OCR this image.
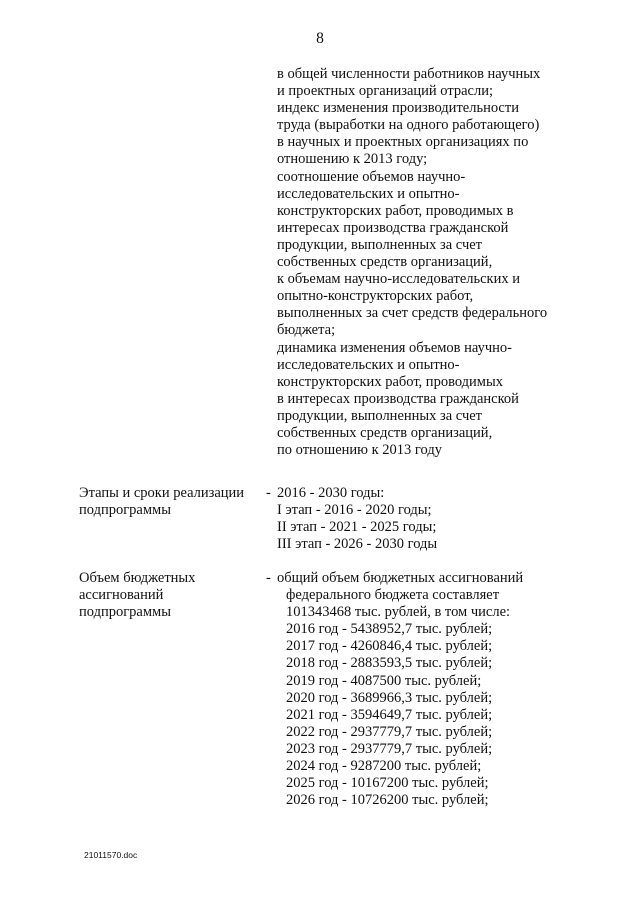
8
в общей численности работников научных
и проектных организаций отрасли;
индекс изменения производительности
труда (выработки на одного работающего)
в научных и проектных организациях по
отношению к 2013 году;
соотношение объемов научно-
исследовательских и опытно-
конструкторских работ, проводимых в
интересах производства гражданской
продукции, выполненных за счет
собственных средств организаций,
к объемам научно-исследовательских и
опытно-конструкторских работ,
выполненных за счет средств федерального
бюджета;
динамика изменения объемов научно-
исследовательских и опытно-
конструкторских работ, проводимых
в интересах производства гражданской
продукции, выполненных за счет
собственных средств организаций,
по отношению к 2013 году
Этапы и сроки реализации
подпрограммы
- 2016 - 2030 годы:
I этап - 2016 - 2020 годы;
II этап - 2021 - 2025 годы;
III этап - 2026 - 2030 годы
Объем бюджетных
ассигнований
подпрограммы
- общий объем бюджетных ассигнований
федерального бюджета составляет
101343468 тыс. рублей, в том числе:
2016 год - 5438952,7 тыс. рублей;
2017 год - 4260846,4 тыс. рублей;
2018 год - 2883593,5 тыс. рублей;
2019 год - 4087500 тыс. рублей;
2020 год - 3689966,3 тыс. рублей;
2021 год - 3594649,7 тыс. рублей;
2022 год - 2937779,7 тыс. рублей;
2023 год - 2937779,7 тыс. рублей;
2024 год - 9287200 тыс. рублей;
2025 год - 10167200 тыс. рублей;
2026 год - 10726200 тыс. рублей;
21011570.doc
